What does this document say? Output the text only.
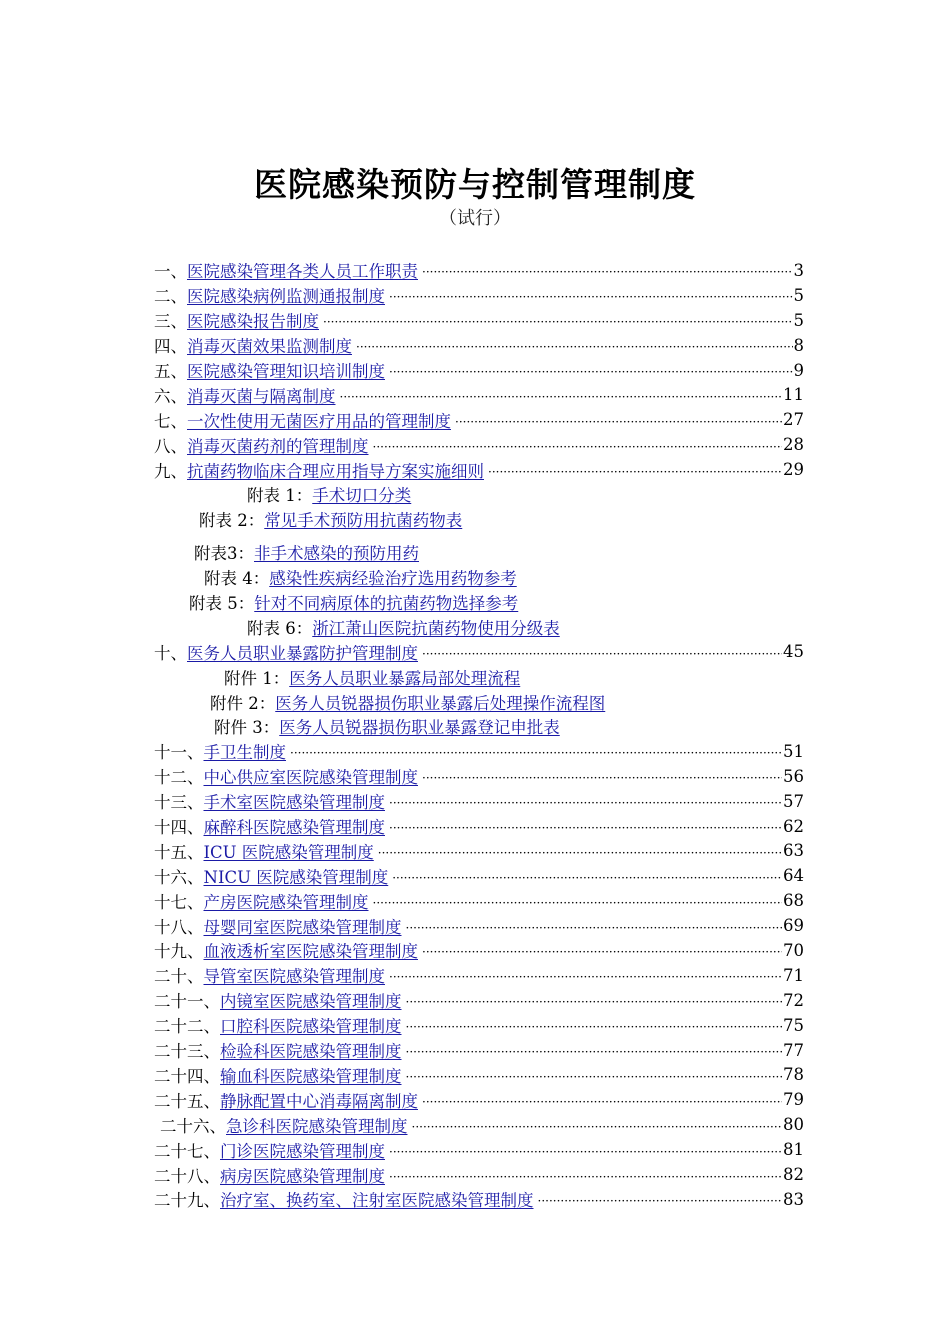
医院感染预防与控制管理制度
（试行）
一、 医院感染管理各类人员工作职责 ·····	3
二、 医院感染病例监测通报制度 ·····	5
三、 医院感染报告制度 ·····	5
四、 消毒灭菌效果监测制度 ·····	8
五、 医院感染管理知识培训制度 ·····	9
六、 消毒灭菌与隔离制度 ·····	11
七、 一次性使用无菌医疗用品的管理制度 ·····	27
八、 消毒灭菌药剂的管理制度 ·····	28
九、 抗菌药物临床合理应用指导方案实施细则 ·····	29
附表 1： 手术切口分类
附表 2： 常见手术预防用抗菌药物表
附表3： 非手术感染的预防用药
附表 4： 感染性疾病经验治疗选用药物参考
附表 5： 针对不同病原体的抗菌药物选择参考
附表 6： 浙江萧山医院抗菌药物使用分级表
十、 医务人员职业暴露防护管理制度 ·····	45
附件 1： 医务人员职业暴露局部处理流程
附件 2： 医务人员锐器损伤职业暴露后处理操作流程图
附件 3： 医务人员锐器损伤职业暴露登记申批表
十一、 手卫生制度 ·····	51
十二、 中心供应室医院感染管理制度 ·····	56
十三、 手术室医院感染管理制度 ·····	57
十四、 麻醉科医院感染管理制度 ·····	62
十五、 ICU 医院感染管理制度 ·····	63
十六、 NICU 医院感染管理制度 ·····	64
十七、 产房医院感染管理制度 ·····	68
十八、 母婴同室医院感染管理制度 ·····	69
十九、 血液透析室医院感染管理制度 ·····	70
二十、 导管室医院感染管理制度 ·····	71
二十一、 内镜室医院感染管理制度 ·····	72
二十二、 口腔科医院感染管理制度 ·····	75
二十三、 检验科医院感染管理制度 ·····	77
二十四、 输血科医院感染管理制度 ·····	78
二十五、 静脉配置中心消毒隔离制度 ·····	79
二十六、 急诊科医院感染管理制度 ·····	80
二十七、 门诊医院感染管理制度 ·····	81
二十八、 病房医院感染管理制度 ·····	82
二十九、 治疗室、换药室、注射室医院感染管理制度 ·····	83
